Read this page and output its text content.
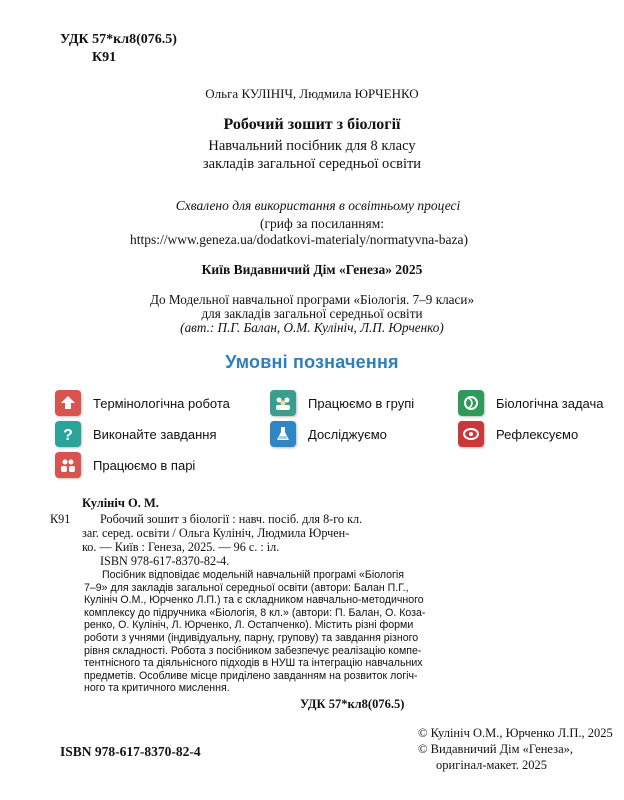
УДК 57*кл8(076.5)
К91
Ольга КУЛІНІЧ, Людмила ЮРЧЕНКО
Робочий зошит з біології
Навчальний посібник для 8 класу
закладів загальної середньої освіти
Схвалено для використання в освітньому процесі
(гриф за посиланням:
https://www.geneza.ua/dodatkovi-materialy/normatyvna-baza)
Київ Видавничий Дім «Генеза» 2025
До Модельної навчальної програми «Біологія. 7–9 класи»
для закладів загальної середньої освіти
(авт.: П.Г. Балан, О.М. Кулініч, Л.П. Юрченко)
Умовні позначення
Термінологічна робота	Працюємо в групі	Біологічна задача
? Виконайте завдання	Досліджуємо	Рефлексуємо
Працюємо в парі
Кулініч О. М.
К91 Робочий зошит з біології : навч. посіб. для 8-го кл.
заг. серед. освіти / Ольга Кулініч, Людмила Юрчен-
ко. — Київ : Генеза, 2025. — 96 с. : іл.
ISBN 978-617-8370-82-4.
Посібник відповідає модельній навчальній програмі «Біологія
7–9» для закладів загальної середньої освіти (автори: Балан П.Г.,
Кулініч О.М., Юрченко Л.П.) та є складником навчально-методичного
комплексу до підручника «Біологія, 8 кл.» (автори: П. Балан, О. Коза-
ренко, О. Кулініч, Л. Юрченко, Л. Остапченко). Містить різні форми
роботи з учнями (індивідуальну, парну, групову) та завдання різного
рівня складності. Робота з посібником забезпечує реалізацію компе-
тентнісного та діяльнісного підходів в НУШ та інтеграцію навчальних
предметів. Особливе місце приділено завданням на розвиток логіч-
ного та критичного мислення.
УДК 57*кл8(076.5)
ISBN 978-617-8370-82-4
© Кулініч О.М., Юрченко Л.П., 2025
© Видавничий Дім «Генеза»,
оригінал-макет. 2025
